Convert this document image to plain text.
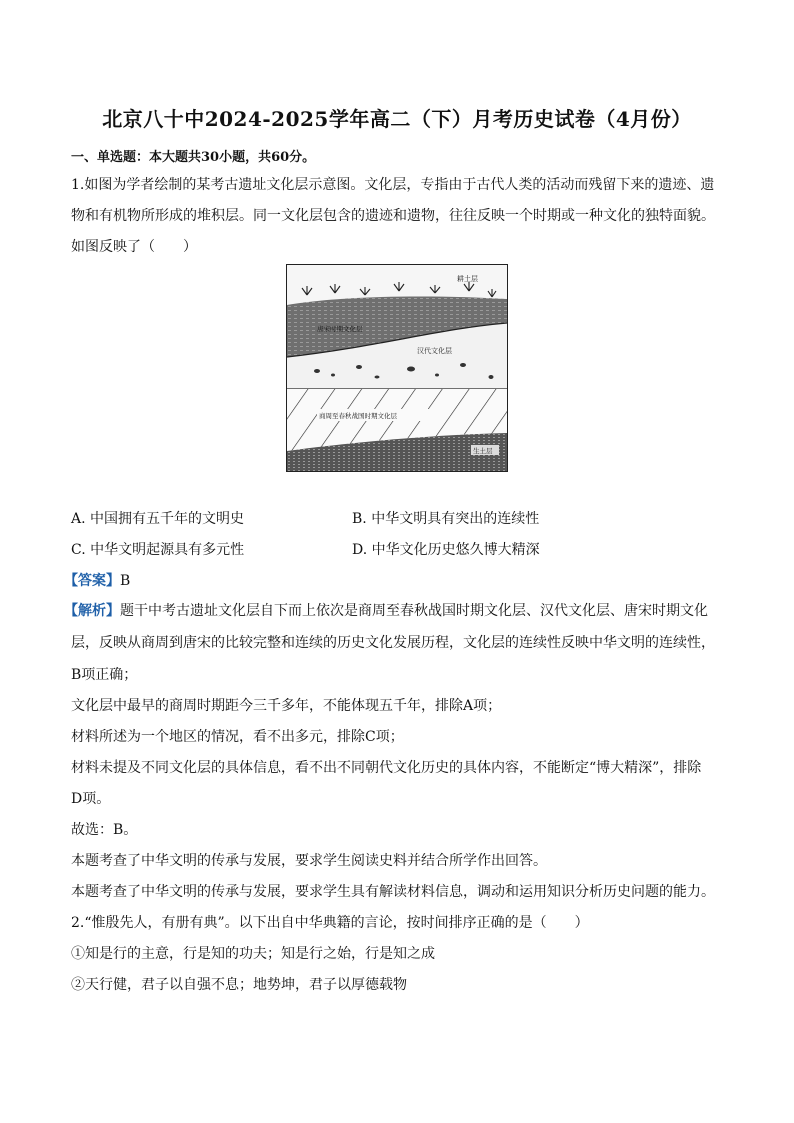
北京八十中2024-2025学年高二（下）月考历史试卷（4月份）
一、单选题：本大题共30小题，共60分。
1.如图为学者绘制的某考古遗址文化层示意图。文化层，专指由于古代人类的活动而残留下来的遗迹、遗物和有机物所形成的堆积层。同一文化层包含的遗迹和遗物，往往反映一个时期或一种文化的独特面貌。如图反映了（　　）
耕土层
唐宋时期文化层
汉代文化层
商周至春秋战国时期文化层
生土层
A. 中国拥有五千年的文明史	B. 中华文明具有突出的连续性
C. 中华文明起源具有多元性	D. 中华文化历史悠久博大精深
【答案】B
【解析】题干中考古遗址文化层自下而上依次是商周至春秋战国时期文化层、汉代文化层、唐宋时期文化
层，反映从商周到唐宋的比较完整和连续的历史文化发展历程，文化层的连续性反映中华文明的连续性，
B项正确；
文化层中最早的商周时期距今三千多年，不能体现五千年，排除A项；
材料所述为一个地区的情况，看不出多元，排除C项；
材料未提及不同文化层的具体信息，看不出不同朝代文化历史的具体内容，不能断定“博大精深”，排除
D项。
故选：B。
本题考查了中华文明的传承与发展，要求学生阅读史料并结合所学作出回答。
本题考查了中华文明的传承与发展，要求学生具有解读材料信息，调动和运用知识分析历史问题的能力。
2.“惟殷先人，有册有典”。以下出自中华典籍的言论，按时间排序正确的是（　　）
①知是行的主意，行是知的功夫；知是行之始，行是知之成
②天行健，君子以自强不息；地势坤，君子以厚德载物
